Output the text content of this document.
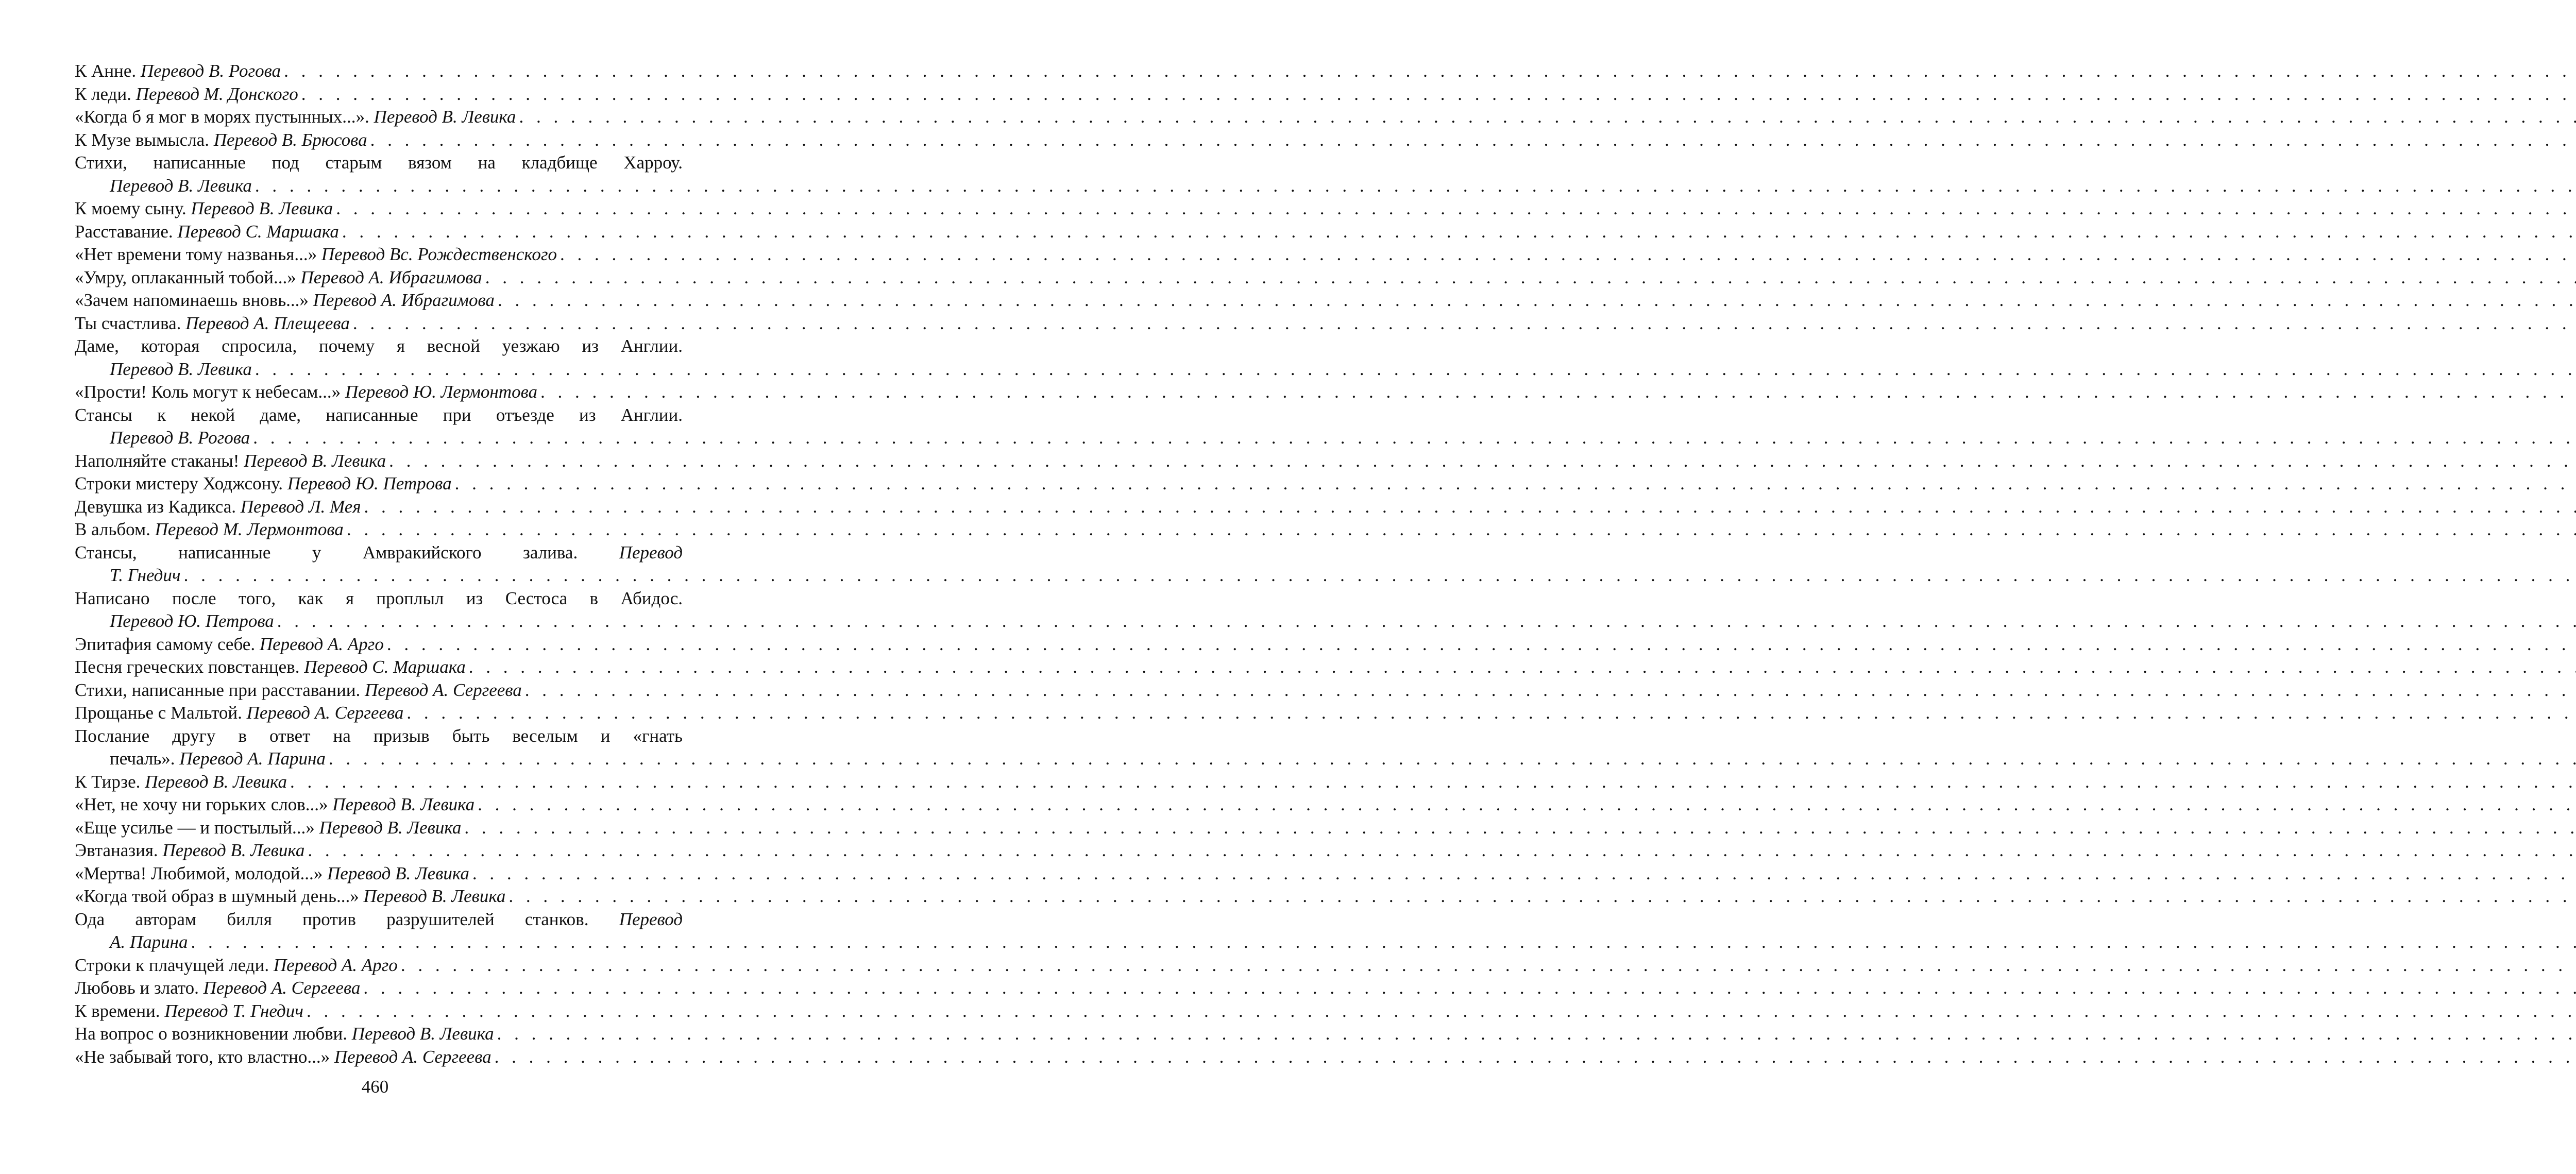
К Анне. Перевод В. Рогова
. . .
К леди. Перевод М. Донского
. . .
«Когда б я мог в морях пустынных...». Перевод В. Левика
. . .
К Музе вымысла. Перевод В. Брюсова
. . .
Стихи, написанные под старым вязом на кладбище Харроу.
Перевод В. Левика
. . .
К моему сыну. Перевод В. Левика
. . .
Расставание. Перевод С. Маршака
. . .
«Нет времени тому названья...» Перевод Вс. Рождественского
. . .
«Умру, оплаканный тобой...» Перевод А. Ибрагимова
. . .
«Зачем напоминаешь вновь...» Перевод А. Ибрагимова
. . .
Ты счастлива. Перевод А. Плещеева
. . .
Даме, которая спросила, почему я весной уезжаю из Англии.
Перевод В. Левика
. . .
«Прости! Коль могут к небесам...» Перевод Ю. Лермонтова
. . .
Стансы к некой даме, написанные при отъезде из Англии.
Перевод В. Рогова
. . .
Наполняйте стаканы! Перевод В. Левика
. . .
Строки мистеру Ходжсону. Перевод Ю. Петрова
. . .
Девушка из Кадикса. Перевод Л. Мея
. . .
В альбом. Перевод М. Лермонтова
. . .
Стансы, написанные у Амвракийского залива. Перевод
Т. Гнедич
. . .
Написано после того, как я проплыл из Сестоса в Абидос.
Перевод Ю. Петрова
. . .
Эпитафия самому себе. Перевод А. Арго
. . .
Песня греческих повстанцев. Перевод С. Маршака
. . .
Стихи, написанные при расставании. Перевод А. Сергеева
. . .
Прощанье с Мальтой. Перевод А. Сергеева
. . .
Послание другу в ответ на призыв быть веселым и «гнать
печаль». Перевод А. Парина
. . .
К Тирзе. Перевод В. Левика
. . .
«Нет, не хочу ни горьких слов...» Перевод В. Левика
. . .
«Еще усилье — и постылый...» Перевод В. Левика
. . .
Эвтаназия. Перевод В. Левика
. . .
«Мертва! Любимой, молодой...» Перевод В. Левика
. . .
«Когда твой образ в шумный день...» Перевод В. Левика
. . .
Ода авторам билля против разрушителей станков. Перевод
А. Парина
. . .
Строки к плачущей леди. Перевод А. Арго
. . .
Любовь и злато. Перевод А. Сергеева
. . .
К времени. Перевод Т. Гнедич
. . .
На вопрос о возникновении любви. Перевод В. Левика
. . .
«Не забывай того, кто властно...» Перевод А. Сергеева
. . .
460
